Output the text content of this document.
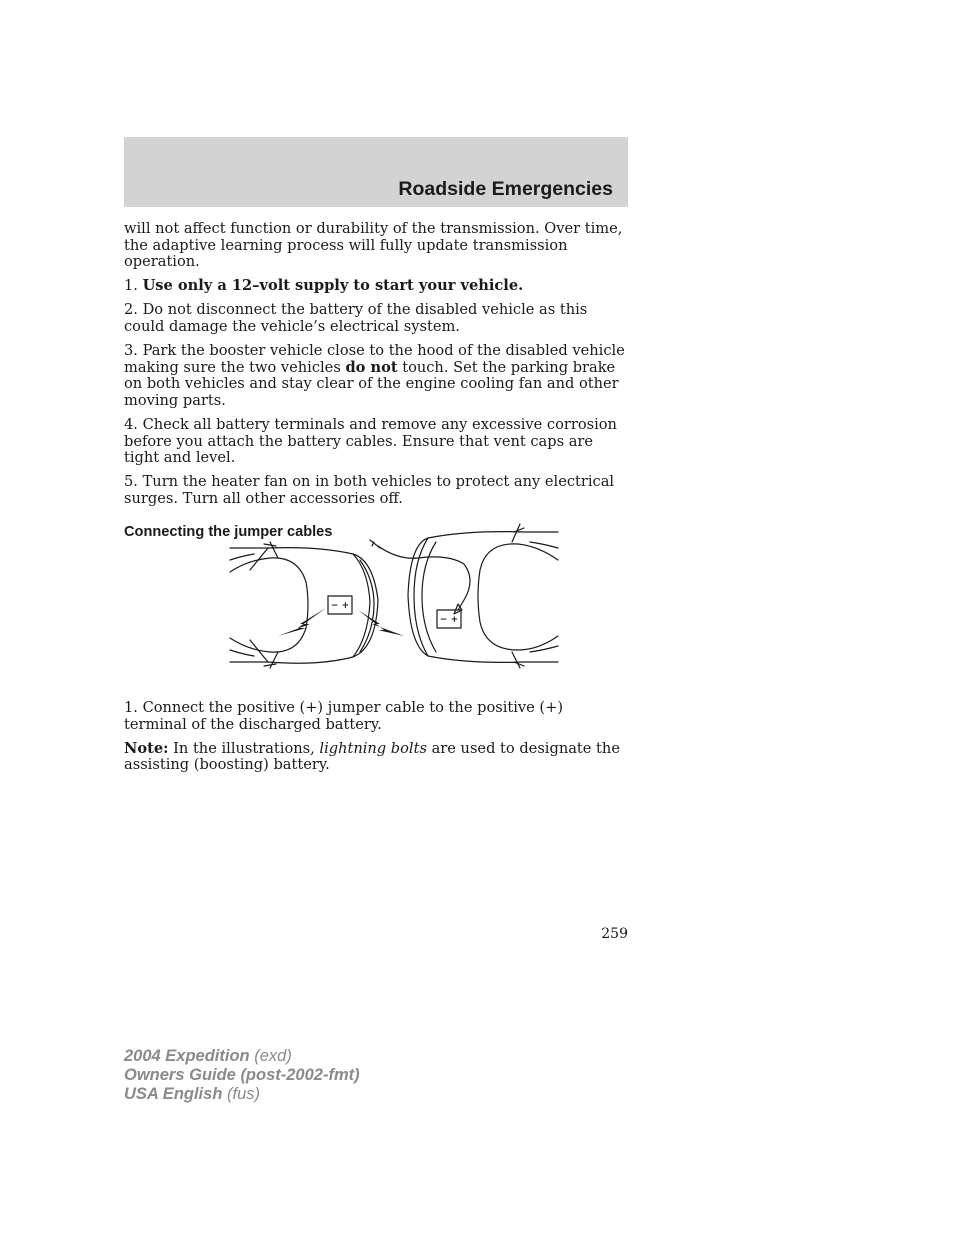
Roadside Emergencies

will not affect function or durability of the transmission. Over time, the adaptive learning process will fully update transmission operation.

1. Use only a 12–volt supply to start your vehicle.

2. Do not disconnect the battery of the disabled vehicle as this could damage the vehicle’s electrical system.

3. Park the booster vehicle close to the hood of the disabled vehicle making sure the two vehicles do not touch. Set the parking brake on both vehicles and stay clear of the engine cooling fan and other moving parts.

4. Check all battery terminals and remove any excessive corrosion before you attach the battery cables. Ensure that vent caps are tight and level.

5. Turn the heater fan on in both vehicles to protect any electrical surges. Turn all other accessories off.

Connecting the jumper cables
− +
− +

1. Connect the positive (+) jumper cable to the positive (+) terminal of the discharged battery.

Note: In the illustrations, lightning bolts are used to designate the assisting (boosting) battery.

259
2004 Expedition (exd)
Owners Guide (post-2002-fmt)
USA English (fus)
